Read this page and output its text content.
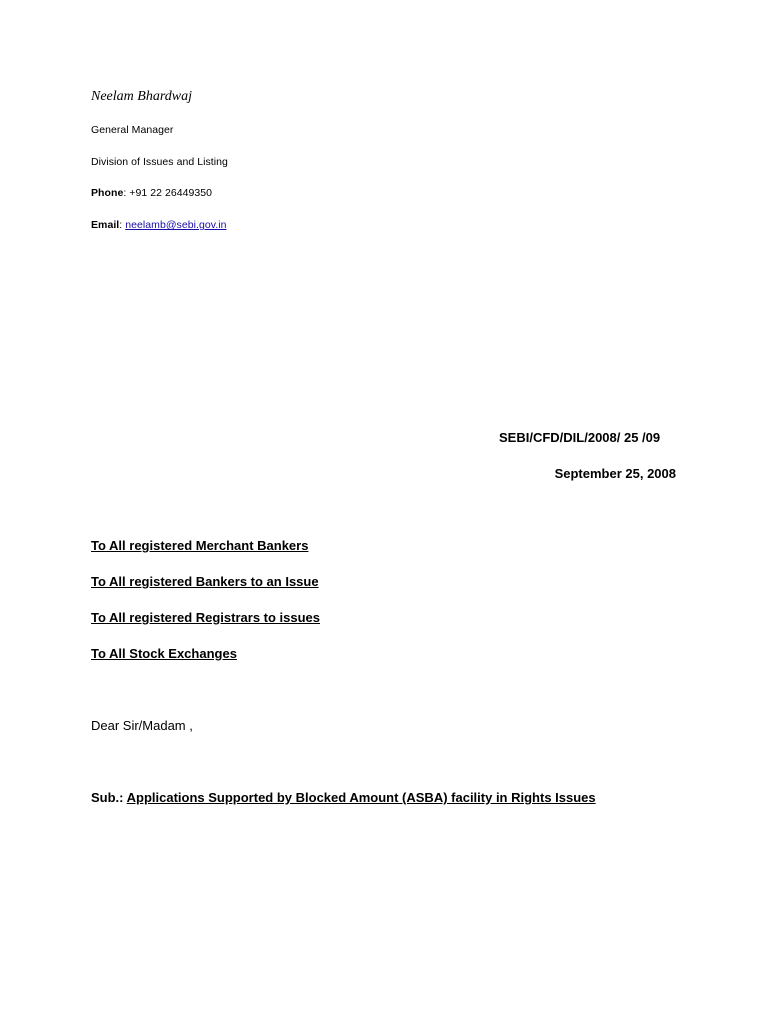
Neelam Bhardwaj
General Manager
Division of Issues and Listing
Phone: +91 22 26449350
Email: neelamb@sebi.gov.in
SEBI/CFD/DIL/2008/ 25 /09
September 25, 2008
To All registered Merchant Bankers
To All registered Bankers to an Issue
To All registered Registrars to issues
To All Stock Exchanges
Dear Sir/Madam ,
Sub.: Applications Supported by Blocked Amount (ASBA) facility in Rights Issues
